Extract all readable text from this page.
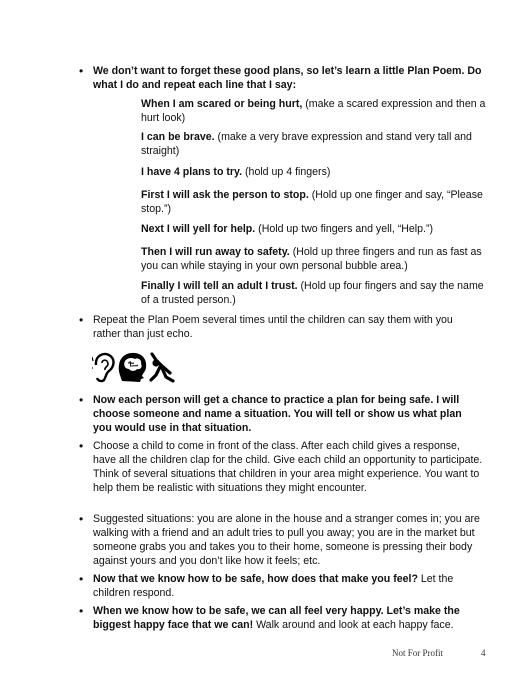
• We don’t want to forget these good plans, so let’s learn a little Plan Poem. Do what I do and repeat each line that I say:
When I am scared or being hurt, (make a scared expression and then a hurt look)
I can be brave. (make a very brave expression and stand very tall and straight)
I have 4 plans to try. (hold up 4 fingers)
First I will ask the person to stop. (Hold up one finger and say, “Please stop.”)
Next I will yell for help. (Hold up two fingers and yell, “Help.”)
Then I will run away to safety. (Hold up three fingers and run as fast as you can while staying in your own personal bubble area.)
Finally I will tell an adult I trust. (Hold up four fingers and say the name of a trusted person.)
• Repeat the Plan Poem several times until the children can say them with you rather than just echo.
• Now each person will get a chance to practice a plan for being safe. I will choose someone and name a situation. You will tell or show us what plan you would use in that situation.
• Choose a child to come in front of the class. After each child gives a response, have all the children clap for the child. Give each child an opportunity to participate. Think of several situations that children in your area might experience. You want to help them be realistic with situations they might encounter.
• Suggested situations: you are alone in the house and a stranger comes in; you are walking with a friend and an adult tries to pull you away; you are in the market but someone grabs you and takes you to their home, someone is pressing their body against yours and you don’t like how it feels; etc.
• Now that we know how to be safe, how does that make you feel? Let the children respond.
• When we know how to be safe, we can all feel very happy. Let’s make the biggest happy face that we can! Walk around and look at each happy face.
Not For Profit	4
